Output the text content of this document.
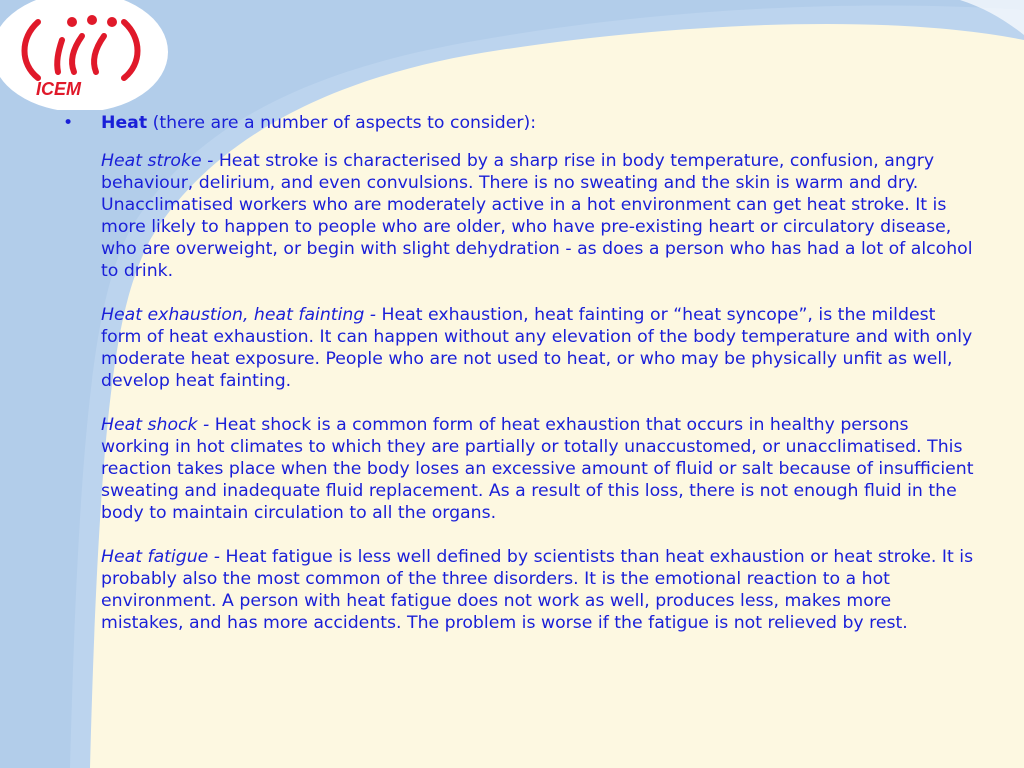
ICEM
• Heat (there are a number of aspects to consider):

Heat stroke - Heat stroke is characterised by a sharp rise in body temperature, confusion, angry behaviour, delirium, and even convulsions. There is no sweating and the skin is warm and dry. Unacclimatised workers who are moderately active in a hot environment can get heat stroke. It is more likely to happen to people who are older, who have pre-existing heart or circulatory disease, who are overweight, or begin with slight dehydration - as does a person who has had a lot of alcohol to drink.

Heat exhaustion, heat fainting - Heat exhaustion, heat fainting or “heat syncope”, is the mildest form of heat exhaustion. It can happen without any elevation of the body temperature and with only moderate heat exposure. People who are not used to heat, or who may be physically unfit as well, develop heat fainting.

Heat shock - Heat shock is a common form of heat exhaustion that occurs in healthy persons working in hot climates to which they are partially or totally unaccustomed, or unacclimatised. This reaction takes place when the body loses an excessive amount of fluid or salt because of insufficient sweating and inadequate fluid replacement. As a result of this loss, there is not enough fluid in the body to maintain circulation to all the organs.

Heat fatigue - Heat fatigue is less well defined by scientists than heat exhaustion or heat stroke. It is probably also the most common of the three disorders. It is the emotional reaction to a hot environment. A person with heat fatigue does not work as well, produces less, makes more mistakes, and has more accidents. The problem is worse if the fatigue is not relieved by rest.
